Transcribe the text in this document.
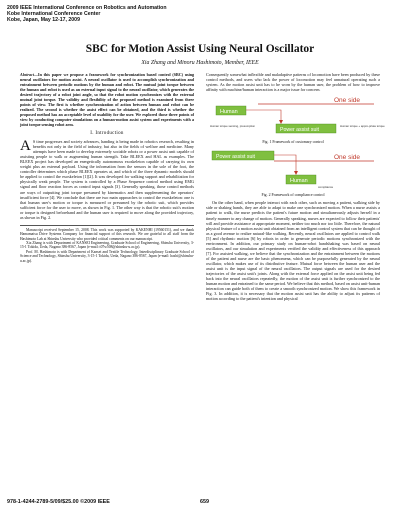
2009 IEEE International Conference on Robotics and Automation
Kobe International Conference Center
Kobe, Japan, May 12-17, 2009
SBC for Motion Assist Using Neural Oscillator
Xia Zhang and Minoru Hashimoto, Member, IEEE

Abstract—In this paper we propose a framework for synchronization based control (SBC) using neural oscillators for motion assist. A neural oscillator is used to accomplish synchronization and entrainment between periodic motions by the human and robot. The mutual joint torque between the human and robot is used as an external input signal to the neural oscillator, which generates the desired trajectory of a robot joint angle, so that the robot motion synchronizes with the external mutual joint torque. The validity and flexibility of the proposed method is examined from three points of view. The first is whether synchronization of action between human and robot can be realized. The second is whether the assist effect can be obtained, and the third is whether the proposed method has an acceptable level of usability for the user. We explored those three points of view by conducting computer simulations on a human-motion assist system and experiments with a joint torque sensing robot arm.

I. Introduction

A S time progresses and society advances, handing is being made in robotics research, resulting in benefits not only in the field of industry, but also in the fields of welfare and medicine. Many attempts have been made to develop extremely sociable robots or a power assist unit capable of assisting people to walk or augmenting human strength. Take BLEEX and HAL as examples. The BLEEX project has developed an energetically autonomous exoskeleton capable of carrying its own weight plus an external payload. Using the information from the sensors in the sole of the foot, the controller determines which phase BLEEX operates at, and which of the three dynamic models should be applied to control the exoskeleton [1][2]. It was developed for walking support and rehabilitation for physically weak people. The system is controlled by a Phase Sequence control method using EMG signal and floor reaction forces as control input signals [3]. Generally speaking, those control methods are ways of outputting joint torque presumed by kinematics and then supplementing the operators' insufficient force [4]. We conclude that there are two main approaches to control the exoskeleton: one is that human user's motion or torque is measured or presumed by the robotic suit, which provides sufficient force for the user to move, as shown in Fig. 1. The other way is that the robotic suit's motion or torque is designed beforehand and the human user is required to move along the provided trajectory, as shown in Fig. 2.

Manuscript received September 15, 2008. This work was supported by KAKENHI (19560151), and we thank Hamamatsu Drive Systems Company for financial support of this research. We are grateful to all staff from the Hashimoto Lab at Shinshu University who provided critical comments on our manuscript.

Xia Zhang is with Department of KANSEI Engineering, Graduate School of Engineering, Shinshu University, 3-15-1 Tokida, Ueda, Nagano 386-8567, Japan (e-mail: t07w508@shinshu-u.ac.jp).

Prof. M. Hashimoto is with Department of Kansei and Textile Technology, Interdisciplinary Graduate School of Science and Technology, Shinshu University, 3-15-1 Tokida, Ueda, Nagano 386-8567, Japan (e-mail: hashi@shinshu-u.ac.jp).

Consequently somewhat inflexible and maladaptive patterns of locomotion have been produced by these control methods, and users who lack the power of locomotion may feel unnatural operating such a system. As the motion assist unit has to be worn by the human user, the problem of how to improve affinity with machine/human interaction is a major issue for concern.

One side
Human
Power assist suit
Human torque sensing, presumption	Human torque + appro-priate torque
Fig. 1 Framework of customary control
Power assist suit	One side
Human
compliance
Fig. 2 Framework of compliance control

On the other hand, when people interact with each other, such as moving a patient, walking side by side or shaking hands, they are able to adapt to make one synchronized motion. When a nurse assists a patient to walk, the nurse predicts the patient's future motion and simultaneously adjusts herself in a timely manner to any change of motion. Generally speaking, nurses are expected to follow their patients' will and provide assistance at appropriate moment, neither too much nor too little. Therefore, the natural physical feature of a motion assist unit obtained from an intelligent control system that can be thought of as a good avenue to realize natural-like walking. Recently, neural oscillators are applied to control walk [5] and rhythmic motion [6] by robots in order to generate periodic motions synchronized with the environment. In addition, our primary study on human-robot handshaking was based on neural oscillators, and our simulation and experiments verified the validity and effectiveness of this approach [7]. For assisted walking, we believe that the synchronization and the entrainment between the motions of the patient and nurse are the basic phenomena, which can be purposefully generated by the neural oscillator, which makes use of its distributive feature. Mutual force between the human user and the assist unit is the input signal of the neural oscillators. The output signals are used for the desired trajectories of the assist unit's joints. Along with the external force applied on the assist unit being fed back into the neural oscillators repeatedly, the motion of the assist unit is further synchronized to the human motion and entrained to the same period. We believe that this method, based on assist unit-human interaction can guide both of them to create a smooth synchronized motion. We show this framework in Fig. 3. In addition, it is necessary that the motion assist unit has the ability to adjust its patterns of motion according to the patient's intention and physical

978-1-4244-2789-5/09/$25.00 ©2009 IEEE	659
